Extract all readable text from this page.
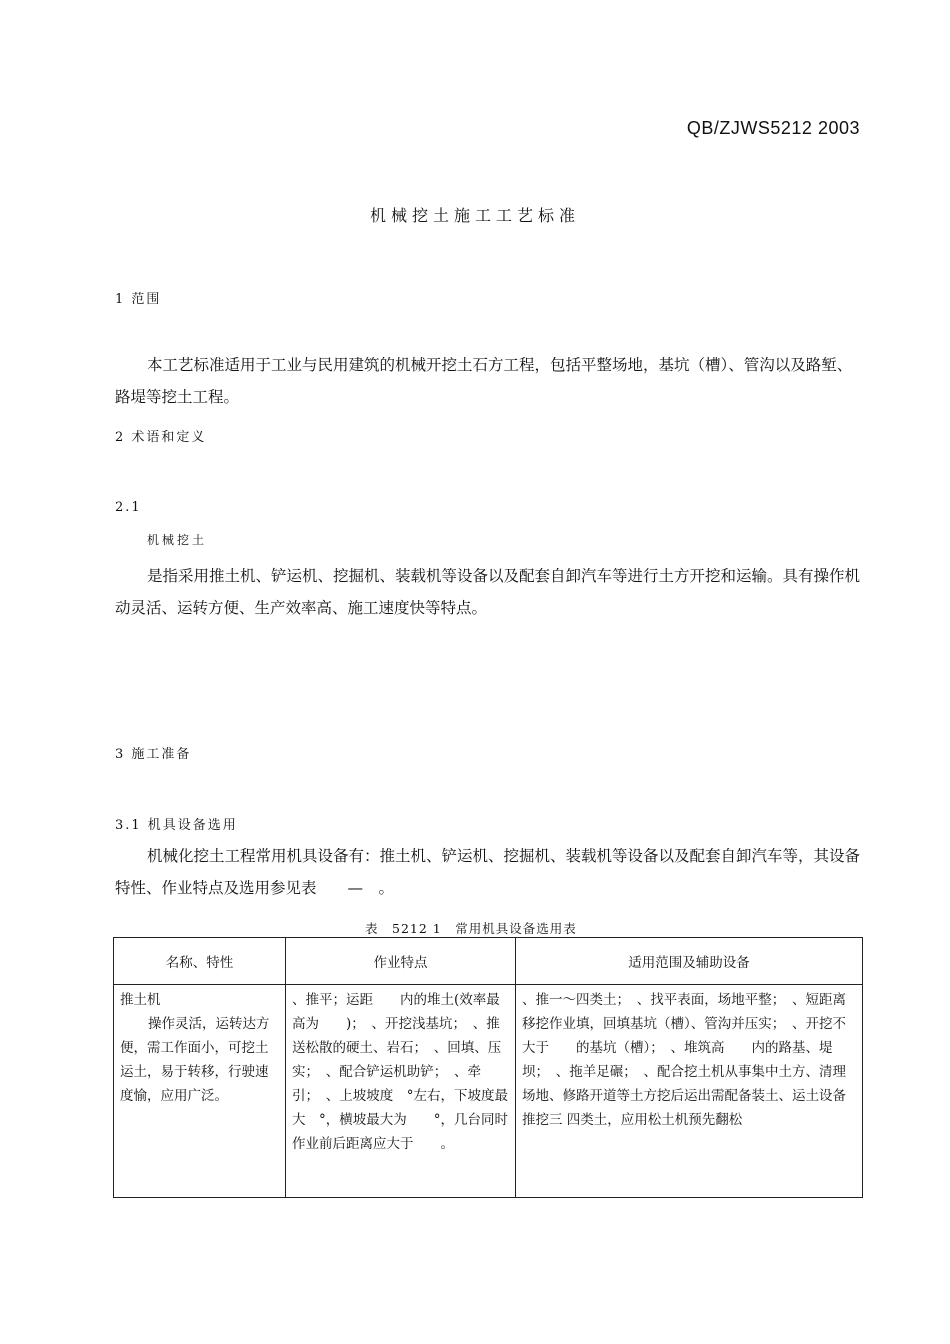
QB/ZJWS5212 2003
机械挖土施工工艺标准
1 范围
本工艺标准适用于工业与民用建筑的机械开挖土石方工程，包括平整场地，基坑（槽）、管沟以及路堑、路堤等挖土工程。
2 术语和定义
2.1
机械挖土
是指采用推土机、铲运机、挖掘机、装载机等设备以及配套自卸汽车等进行土方开挖和运输。具有操作机动灵活、运转方便、生产效率高、施工速度快等特点。
3 施工准备
3.1 机具设备选用
机械化挖土工程常用机具设备有：推土机、铲运机、挖掘机、装载机等设备以及配套自卸汽车等，其设备特性、作业特点及选用参见表　　—　。
表　5212 1　常用机具设备选用表
名称、特性	作业特点	适用范围及辅助设备

推土机
操作灵活，运转达方便，需工作面小，可挖土运土，易于转移，行驶速度愉，应用广泛。	、推平；运距　　内的堆土(效率最高为　　)；　、开挖浅基坑；　、推送松散的硬土、岩石；　、回填、压实；　、配合铲运机助铲；　、牵引；　、上坡坡度　°左右，下坡度最大　°，横坡最大为　　°，几台同时作业前后距离应大于　　。	、推一～四类土；　、找平表面，场地平整；　、短距离移挖作业填，回填基坑（槽）、管沟并压实；　、开挖不大于　　的基坑（槽）；　、堆筑高　　内的路基、堤坝；　、拖羊足碾；　、配合挖土机从事集中土方、清理场地、修路开道等土方挖后运出需配备装土、运土设备推挖三 四类土，应用松土机预先翻松
